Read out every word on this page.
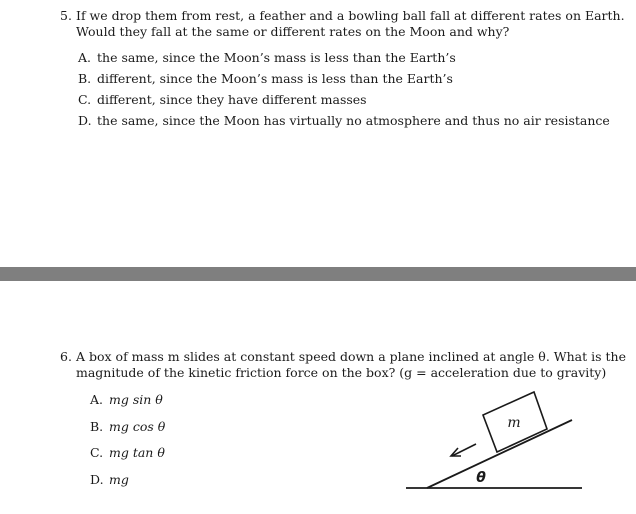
5. If we drop them from rest, a feather and a bowling ball fall at different rates on Earth.
Would they fall at the same or different rates on the Moon and why?
A. the same, since the Moon’s mass is less than the Earth’s
B. different, since the Moon’s mass is less than the Earth’s
C. different, since they have different masses
D. the same, since the Moon has virtually no atmosphere and thus no air resistance
6. A box of mass m slides at constant speed down a plane inclined at angle θ. What is the
magnitude of the kinetic friction force on the box? (g = acceleration due to gravity)
A. mg sin θ
B. mg cos θ
C. mg tan θ
D. mg
m
θ
